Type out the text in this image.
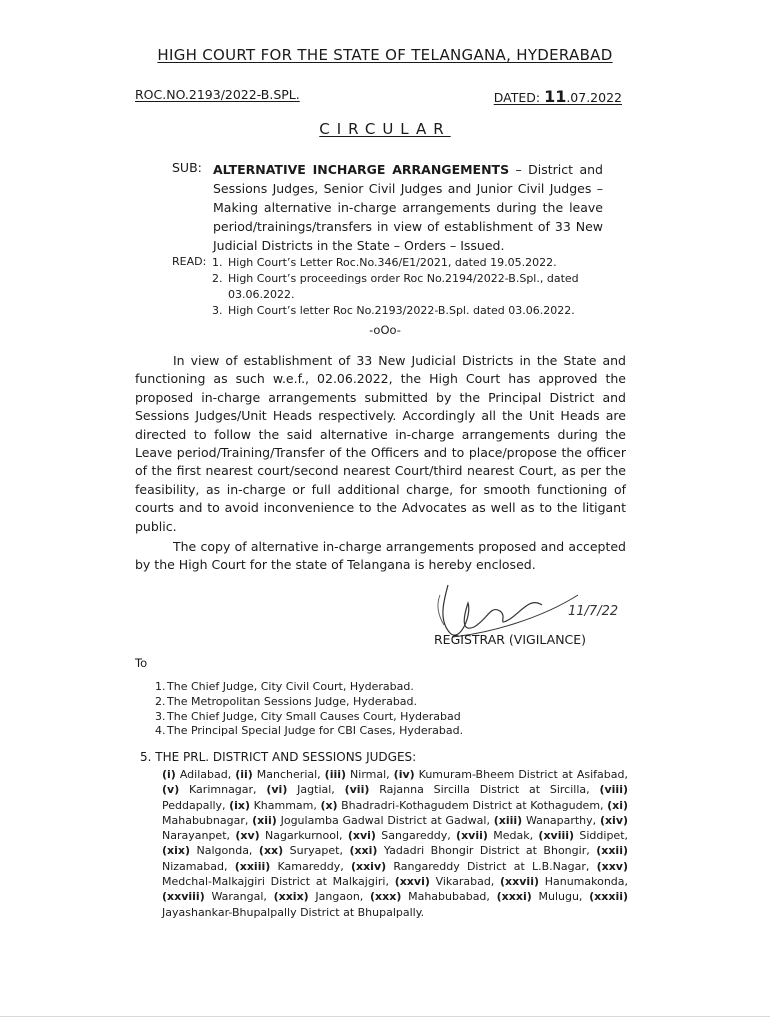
HIGH COURT FOR THE STATE OF TELANGANA, HYDERABAD
ROC.NO.2193/2022-B.SPL.	DATED: 11.07.2022
CIRCULAR
SUB: ALTERNATIVE INCHARGE ARRANGEMENTS – District and Sessions Judges, Senior Civil Judges and Junior Civil Judges – Making alternative in-charge arrangements during the leave period/trainings/transfers in view of establishment of 33 New Judicial Districts in the State – Orders – Issued.
READ: 1. High Court’s Letter Roc.No.346/E1/2021, dated 19.05.2022.
2. High Court’s proceedings order Roc No.2194/2022-B.Spl., dated 03.06.2022.
3. High Court’s letter Roc No.2193/2022-B.Spl. dated 03.06.2022.
-oOo-
In view of establishment of 33 New Judicial Districts in the State and functioning as such w.e.f., 02.06.2022, the High Court has approved the proposed in-charge arrangements submitted by the Principal District and Sessions Judges/Unit Heads respectively. Accordingly all the Unit Heads are directed to follow the said alternative in-charge arrangements during the Leave period/Training/Transfer of the Officers and to place/propose the officer of the first nearest court/second nearest Court/third nearest Court, as per the feasibility, as in-charge or full additional charge, for smooth functioning of courts and to avoid inconvenience to the Advocates as well as to the litigant public.
The copy of alternative in-charge arrangements proposed and accepted by the High Court for the state of Telangana is hereby enclosed.
11/7/22
REGISTRAR (VIGILANCE)
To
1. The Chief Judge, City Civil Court, Hyderabad.
2. The Metropolitan Sessions Judge, Hyderabad.
3. The Chief Judge, City Small Causes Court, Hyderabad
4. The Principal Special Judge for CBI Cases, Hyderabad.
5. THE PRL. DISTRICT AND SESSIONS JUDGES:
(i) Adilabad, (ii) Mancherial, (iii) Nirmal, (iv) Kumuram-Bheem District at Asifabad, (v) Karimnagar, (vi) Jagtial, (vii) Rajanna Sircilla District at Sircilla, (viii) Peddapally, (ix) Khammam, (x) Bhadradri-Kothagudem District at Kothagudem, (xi) Mahabubnagar, (xii) Jogulamba Gadwal District at Gadwal, (xiii) Wanaparthy, (xiv) Narayanpet, (xv) Nagarkurnool, (xvi) Sangareddy, (xvii) Medak, (xviii) Siddipet, (xix) Nalgonda, (xx) Suryapet, (xxi) Yadadri Bhongir District at Bhongir, (xxii) Nizamabad, (xxiii) Kamareddy, (xxiv) Rangareddy District at L.B.Nagar, (xxv) Medchal-Malkajgiri District at Malkajgiri, (xxvi) Vikarabad, (xxvii) Hanumakonda, (xxviii) Warangal, (xxix) Jangaon, (xxx) Mahabubabad, (xxxi) Mulugu, (xxxii) Jayashankar-Bhupalpally District at Bhupalpally.
